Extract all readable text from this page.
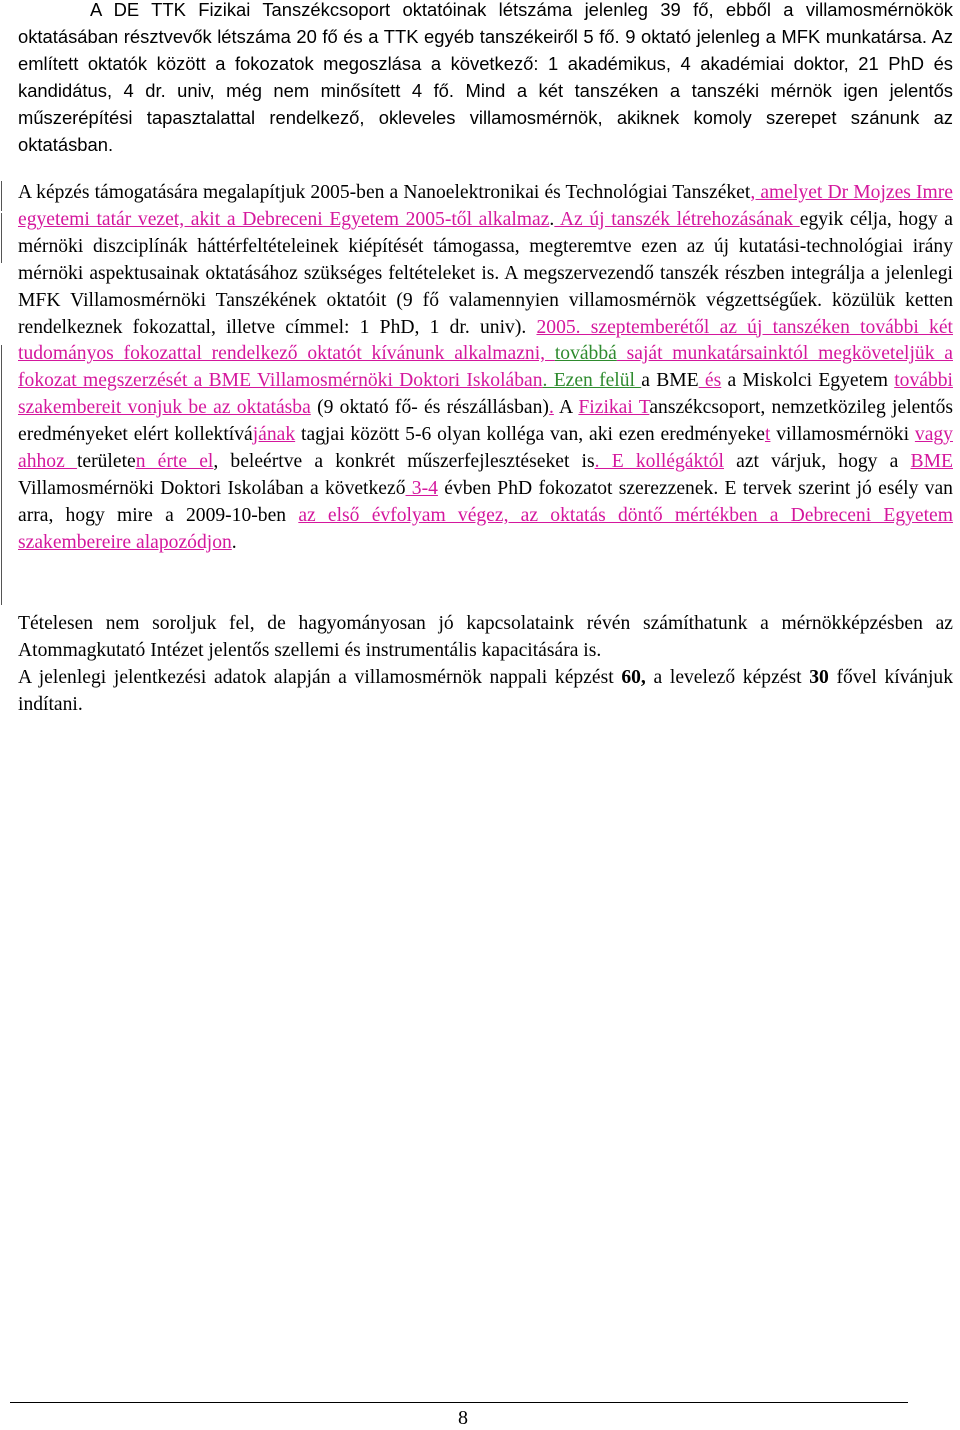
A DE TTK Fizikai Tanszékcsoport oktatóinak létszáma jelenleg 39 fő, ebből a villamosmérnökök oktatásában résztvevők létszáma 20 fő és a TTK egyéb tanszékeiről 5 fő. 9 oktató jelenleg a MFK munkatársa. Az említett oktatók között a fokozatok megoszlása a következő: 1 akadémikus, 4 akadémiai doktor, 21 PhD és kandidátus, 4 dr. univ, még nem minősített 4 fő. Mind a két tanszéken a tanszéki mérnök igen jelentős műszerépítési tapasztalattal rendelkező, okleveles villamosmérnök, akiknek komoly szerepet szánunk az oktatásban.

A képzés támogatására megalapítjuk 2005-ben a Nanoelektronikai és Technológiai Tanszéket, amelyet Dr Mojzes Imre egyetemi tatár vezet, akit a Debreceni Egyetem 2005-től alkalmaz. Az új tanszék létrehozásának egyik célja, hogy a mérnöki diszciplínák háttérfeltételeinek kiépítését támogassa, megteremtve ezen az új kutatási-technológiai irány mérnöki aspektusainak oktatásához szükséges feltételeket is. A megszervezendő tanszék részben integrálja a jelenlegi MFK Villamosmérnöki Tanszékének oktatóit (9 fő valamennyien villamosmérnök végzettségűek. közülük ketten rendelkeznek fokozattal, illetve címmel: 1 PhD, 1 dr. univ). 2005. szeptemberétől az új tanszéken további két tudományos fokozattal rendelkező oktatót kívánunk alkalmazni, továbbá saját munkatársainktól megköveteljük a fokozat megszerzését a BME Villamosmérnöki Doktori Iskolában. Ezen felül a BME és a Miskolci Egyetem további szakembereit vonjuk be az oktatásba (9 oktató fő- és részállásban). A Fizikai Tanszékcsoport, nemzetközileg jelentős eredményeket elért kollektívájának tagjai között 5-6 olyan kolléga van, aki ezen eredményeket villamosmérnöki vagy ahhoz területen érte el, beleértve a konkrét műszerfejlesztéseket is. E kollégáktól azt várjuk, hogy a BME Villamosmérnöki Doktori Iskolában a következő 3-4 évben PhD fokozatot szerezzenek. E tervek szerint jó esély van arra, hogy mire a 2009-10-ben az első évfolyam végez, az oktatás döntő mértékben a Debreceni Egyetem szakembereire alapozódjon.

Tételesen nem soroljuk fel, de hagyományosan jó kapcsolataink révén számíthatunk a mérnökképzésben az Atommagkutató Intézet jelentős szellemi és instrumentális kapacitására is.

A jelenlegi jelentkezési adatok alapján a villamosmérnök nappali képzést 60, a levelező képzést 30 fővel kívánjuk indítani.

8
